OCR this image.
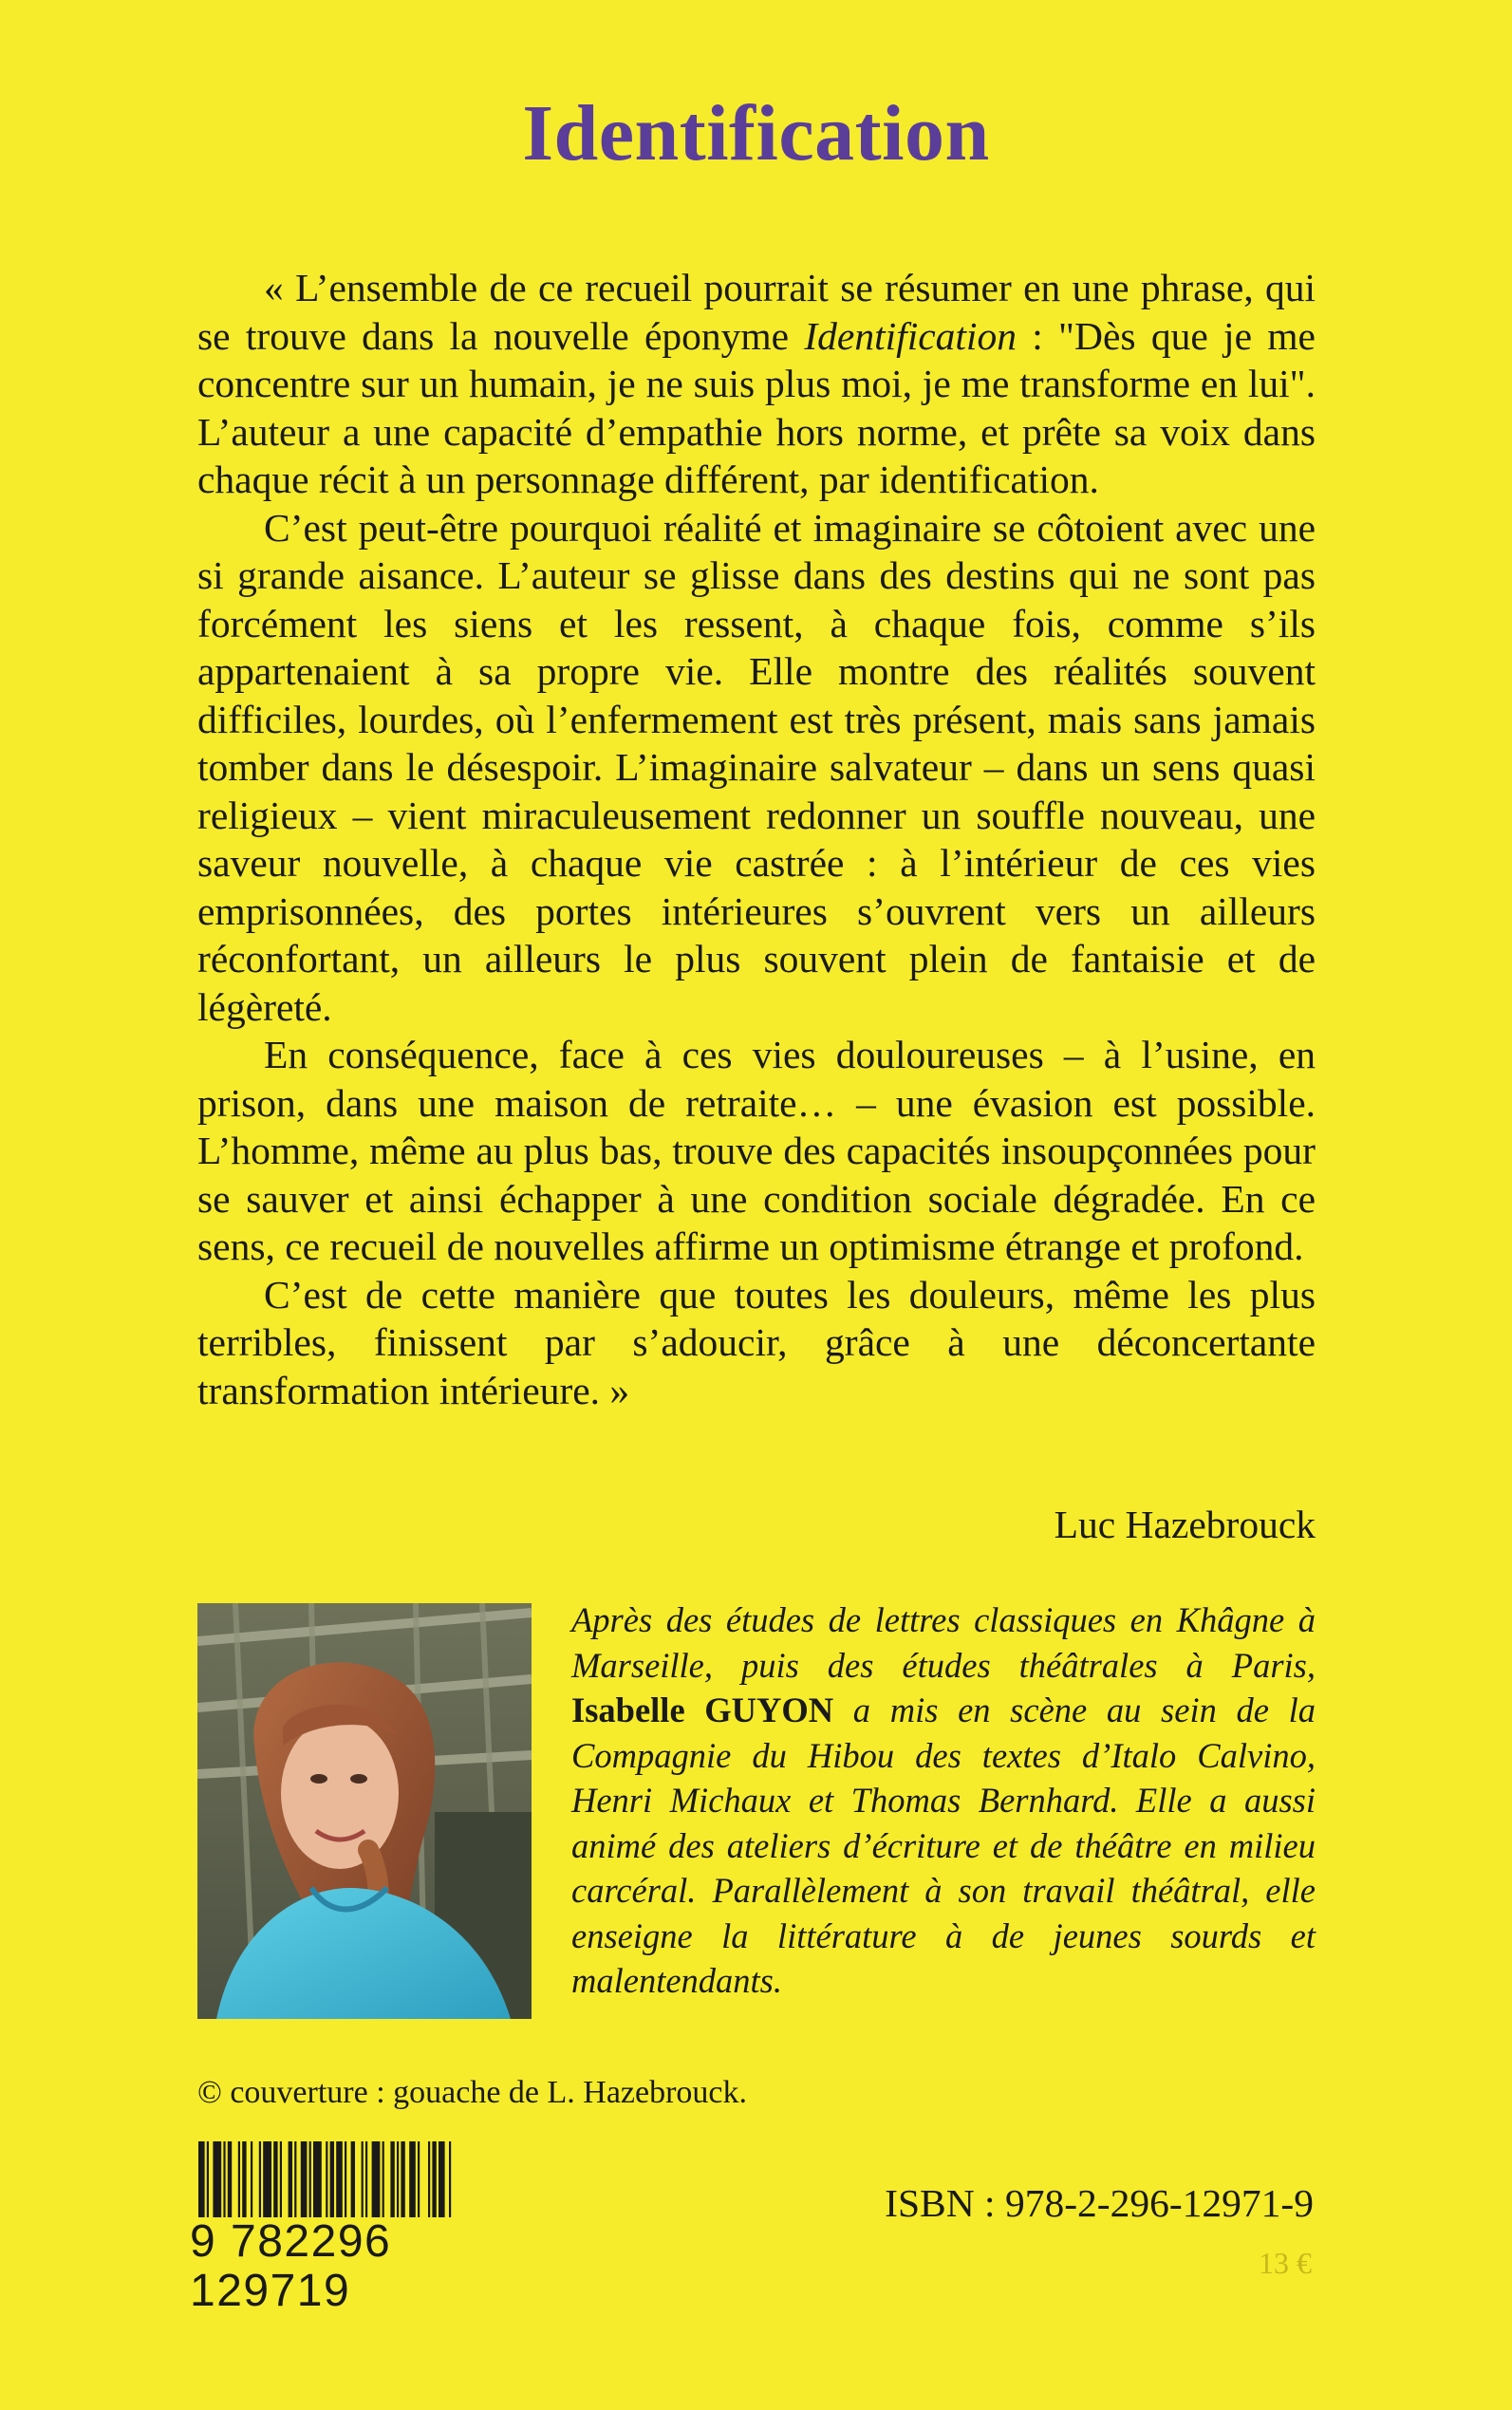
Identification

« L’ensemble de ce recueil pourrait se résumer en une phrase, qui se trouve dans la nouvelle éponyme Identification : "Dès que je me concentre sur un humain, je ne suis plus moi, je me transforme en lui". L’auteur a une capacité d’empathie hors norme, et prête sa voix dans chaque récit à un personnage différent, par identification.

C’est peut-être pourquoi réalité et imaginaire se côtoient avec une si grande aisance. L’auteur se glisse dans des destins qui ne sont pas forcément les siens et les ressent, à chaque fois, comme s’ils appartenaient à sa propre vie. Elle montre des réalités souvent difficiles, lourdes, où l’enfermement est très présent, mais sans jamais tomber dans le désespoir. L’imaginaire salvateur – dans un sens quasi religieux – vient miraculeusement redonner un souffle nouveau, une saveur nouvelle, à chaque vie castrée : à l’intérieur de ces vies emprisonnées, des portes intérieures s’ouvrent vers un ailleurs réconfortant, un ailleurs le plus souvent plein de fantaisie et de légèreté.

En conséquence, face à ces vies douloureuses – à l’usine, en prison, dans une maison de retraite… – une évasion est possible. L’homme, même au plus bas, trouve des capacités insoupçonnées pour se sauver et ainsi échapper à une condition sociale dégradée. En ce sens, ce recueil de nouvelles affirme un optimisme étrange et profond.

C’est de cette manière que toutes les douleurs, même les plus terribles, finissent par s’adoucir, grâce à une déconcertante transformation intérieure. »

Luc Hazebrouck

Après des études de lettres classiques en Khâgne à Marseille, puis des études théâtrales à Paris, Isabelle GUYON a mis en scène au sein de la Compagnie du Hibou des textes d’Italo Calvino, Henri Michaux et Thomas Bernhard. Elle a aussi animé des ateliers d’écriture et de théâtre en milieu carcéral. Parallèlement à son travail théâtral, elle enseigne la littérature à de jeunes sourds et malentendants.

© couverture : gouache de L. Hazebrouck.
9 782296 129719
ISBN : 978-2-296-12971-9
13 €
